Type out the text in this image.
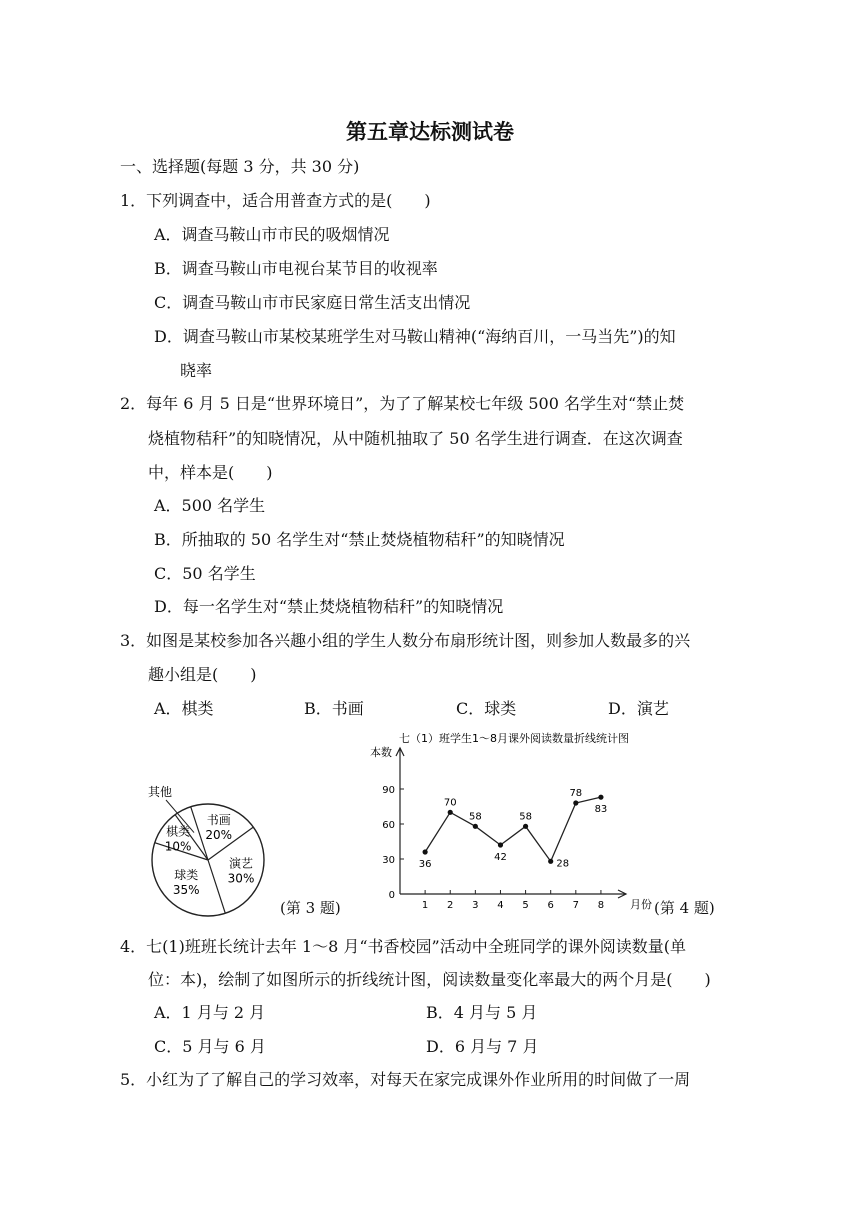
第五章达标测试卷
一、选择题(每题 3 分，共 30 分)
1．下列调查中，适合用普查方式的是(　　)
A．调查马鞍山市市民的吸烟情况
B．调查马鞍山市电视台某节目的收视率
C．调查马鞍山市市民家庭日常生活支出情况
D．调查马鞍山市某校某班学生对马鞍山精神(“海纳百川，一马当先”)的知
晓率
2．每年 6 月 5 日是“世界环境日”，为了了解某校七年级 500 名学生对“禁止焚
烧植物秸秆”的知晓情况，从中随机抽取了 50 名学生进行调查．在这次调查
中，样本是(　　)
A．500 名学生
B．所抽取的 50 名学生对“禁止焚烧植物秸秆”的知晓情况
C．50 名学生
D．每一名学生对“禁止焚烧植物秸秆”的知晓情况
3．如图是某校参加各兴趣小组的学生人数分布扇形统计图，则参加人数最多的兴
趣小组是(　　)
A．棋类	B．书画	C．球类	D．演艺
书画
20%
演艺
30%
球类
35%
棋类
10%
其他
(第 3 题)
七（1）班学生1～8月课外阅读数量折线统计图
本数
月份
0
30
60
90
1 2 3 4 5 6 7 8
36
70
58
42
58
28
78
83
(第 4 题)
4．七(1)班班长统计去年 1～8 月“书香校园”活动中全班同学的课外阅读数量(单
位：本)，绘制了如图所示的折线统计图，阅读数量变化率最大的两个月是(　　)
A．1 月与 2 月	B．4 月与 5 月
C．5 月与 6 月	D．6 月与 7 月
5．小红为了了解自己的学习效率，对每天在家完成课外作业所用的时间做了一周
